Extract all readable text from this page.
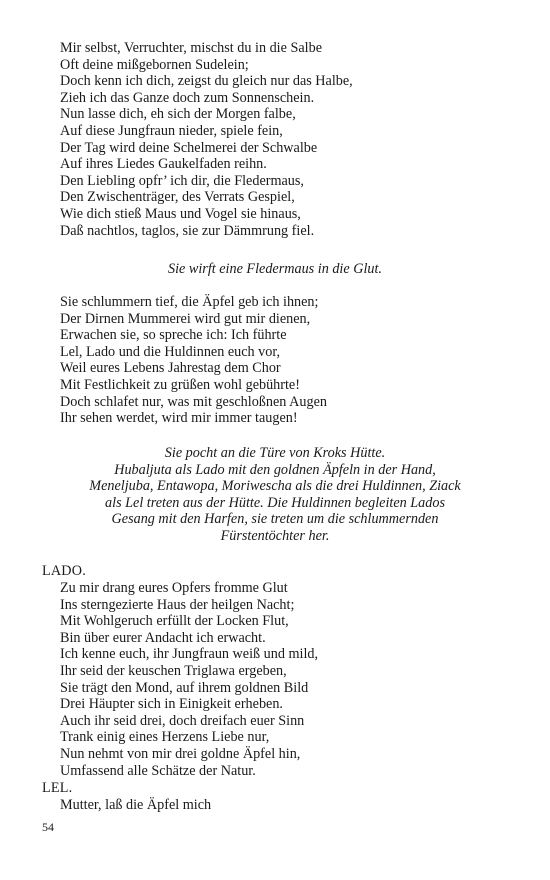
Mir selbst, Verruchter, mischst du in die Salbe
Oft deine mißgebornen Sudelein;
Doch kenn ich dich, zeigst du gleich nur das Halbe,
Zieh ich das Ganze doch zum Sonnenschein.
Nun lasse dich, eh sich der Morgen falbe,
Auf diese Jungfraun nieder, spiele fein,
Der Tag wird deine Schelmerei der Schwalbe
Auf ihres Liedes Gaukelfaden reihn.
Den Liebling opfr’ ich dir, die Fledermaus,
Den Zwischenträger, des Verrats Gespiel,
Wie dich stieß Maus und Vogel sie hinaus,
Daß nachtlos, taglos, sie zur Dämmrung fiel.
Sie wirft eine Fledermaus in die Glut.
Sie schlummern tief, die Äpfel geb ich ihnen;
Der Dirnen Mummerei wird gut mir dienen,
Erwachen sie, so spreche ich: Ich führte
Lel, Lado und die Huldinnen euch vor,
Weil eures Lebens Jahrestag dem Chor
Mit Festlichkeit zu grüßen wohl gebührte!
Doch schlafet nur, was mit geschloßnen Augen
Ihr sehen werdet, wird mir immer taugen!
Sie pocht an die Türe von Kroks Hütte.
Hubaljuta als Lado mit den goldnen Äpfeln in der Hand,
Meneljuba, Entawopa, Moriwescha als die drei Huldinnen, Ziack
als Lel treten aus der Hütte. Die Huldinnen begleiten Lados
Gesang mit den Harfen, sie treten um die schlummernden
Fürstentöchter her.
LADO.
Zu mir drang eures Opfers fromme Glut
Ins sterngezierte Haus der heilgen Nacht;
Mit Wohlgeruch erfüllt der Locken Flut,
Bin über eurer Andacht ich erwacht.
Ich kenne euch, ihr Jungfraun weiß und mild,
Ihr seid der keuschen Triglawa ergeben,
Sie trägt den Mond, auf ihrem goldnen Bild
Drei Häupter sich in Einigkeit erheben.
Auch ihr seid drei, doch dreifach euer Sinn
Trank einig eines Herzens Liebe nur,
Nun nehmt von mir drei goldne Äpfel hin,
Umfassend alle Schätze der Natur.
LEL.
Mutter, laß die Äpfel mich
54
